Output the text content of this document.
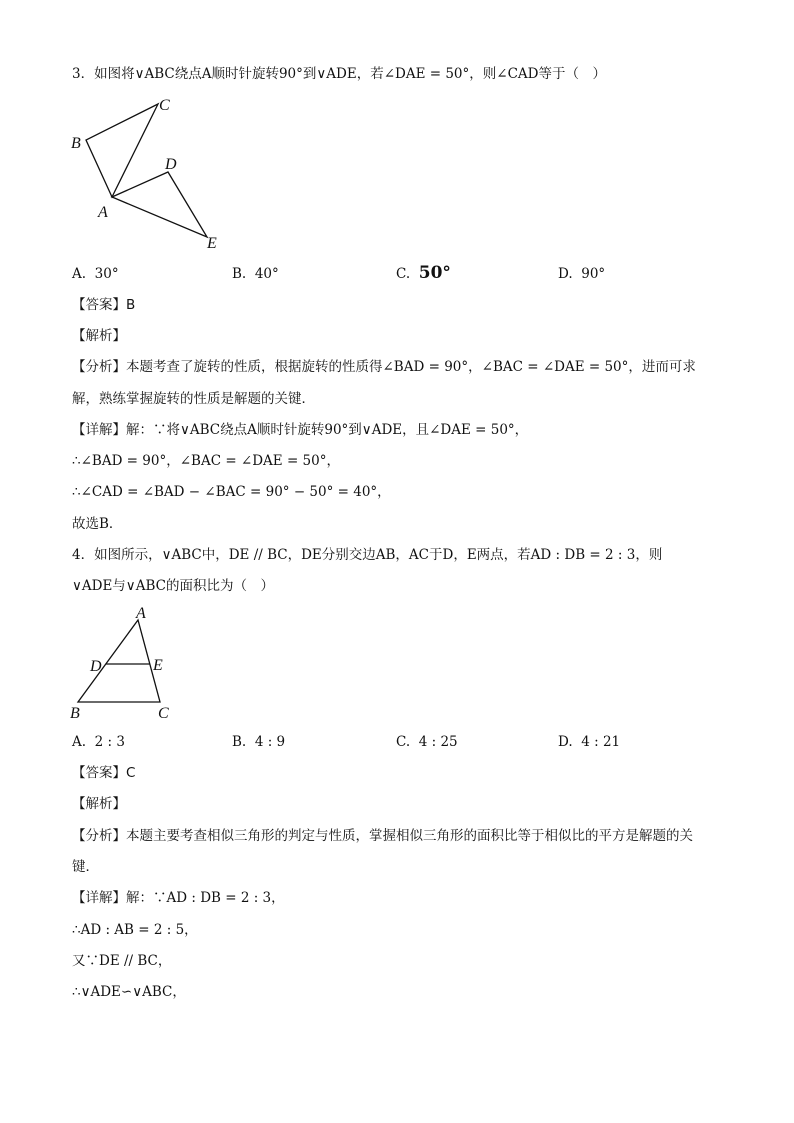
3．如图将∨ABC绕点A顺时针旋转90°到∨ADE，若∠DAE = 50°，则∠CAD等于（　）
A
B
C
D
E
A. 30°	B. 40°	C. 50°	D. 90°
【答案】B
【解析】
【分析】本题考查了旋转的性质，根据旋转的性质得∠BAD = 90°，∠BAC = ∠DAE = 50°，进而可求
解，熟练掌握旋转的性质是解题的关键．
【详解】解：∵将∨ABC绕点A顺时针旋转90°到∨ADE，且∠DAE = 50°，
∴∠BAD = 90°，∠BAC = ∠DAE = 50°，
∴∠CAD = ∠BAD − ∠BAC = 90° − 50° = 40°，
故选B．
4．如图所示，∨ABC中，DE // BC，DE分别交边AB，AC于D，E两点，若AD : DB = 2 : 3，则
∨ADE与∨ABC的面积比为（　）
A
D	E
B	C
A. 2 : 3	B. 4 : 9	C. 4 : 25	D. 4 : 21
【答案】C
【解析】
【分析】本题主要考查相似三角形的判定与性质，掌握相似三角形的面积比等于相似比的平方是解题的关
键．
【详解】解：∵AD : DB = 2 : 3，
∴AD : AB = 2 : 5，
又∵DE // BC，
∴∨ADE∽∨ABC，
